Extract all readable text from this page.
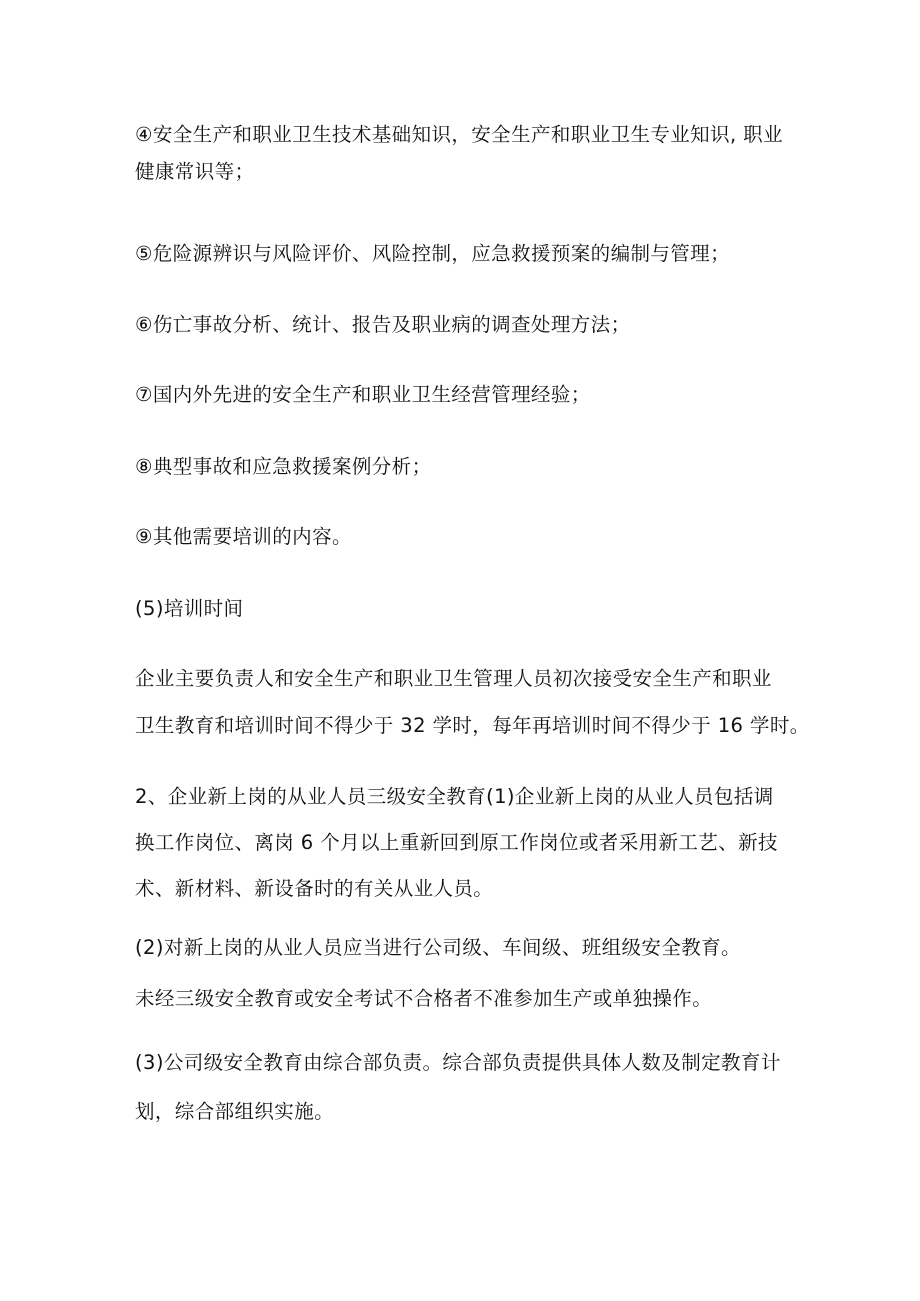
④安全生产和职业卫生技术基础知识，安全生产和职业卫生专业知识, 职业
健康常识等；

⑤危险源辨识与风险评价、风险控制，应急救援预案的编制与管理；

⑥伤亡事故分析、统计、报告及职业病的调查处理方法；

⑦国内外先进的安全生产和职业卫生经营管理经验；

⑧典型事故和应急救援案例分析；

⑨其他需要培训的内容。

(5)培训时间

企业主要负责人和安全生产和职业卫生管理人员初次接受安全生产和职业
卫生教育和培训时间不得少于 32 学时，每年再培训时间不得少于 16 学时。

2、企业新上岗的从业人员三级安全教育(1)企业新上岗的从业人员包括调
换工作岗位、离岗 6 个月以上重新回到原工作岗位或者采用新工艺、新技
术、新材料、新设备时的有关从业人员。

(2)对新上岗的从业人员应当进行公司级、车间级、班组级安全教育。

未经三级安全教育或安全考试不合格者不准参加生产或单独操作。

(3)公司级安全教育由综合部负责。综合部负责提供具体人数及制定教育计
划，综合部组织实施。
